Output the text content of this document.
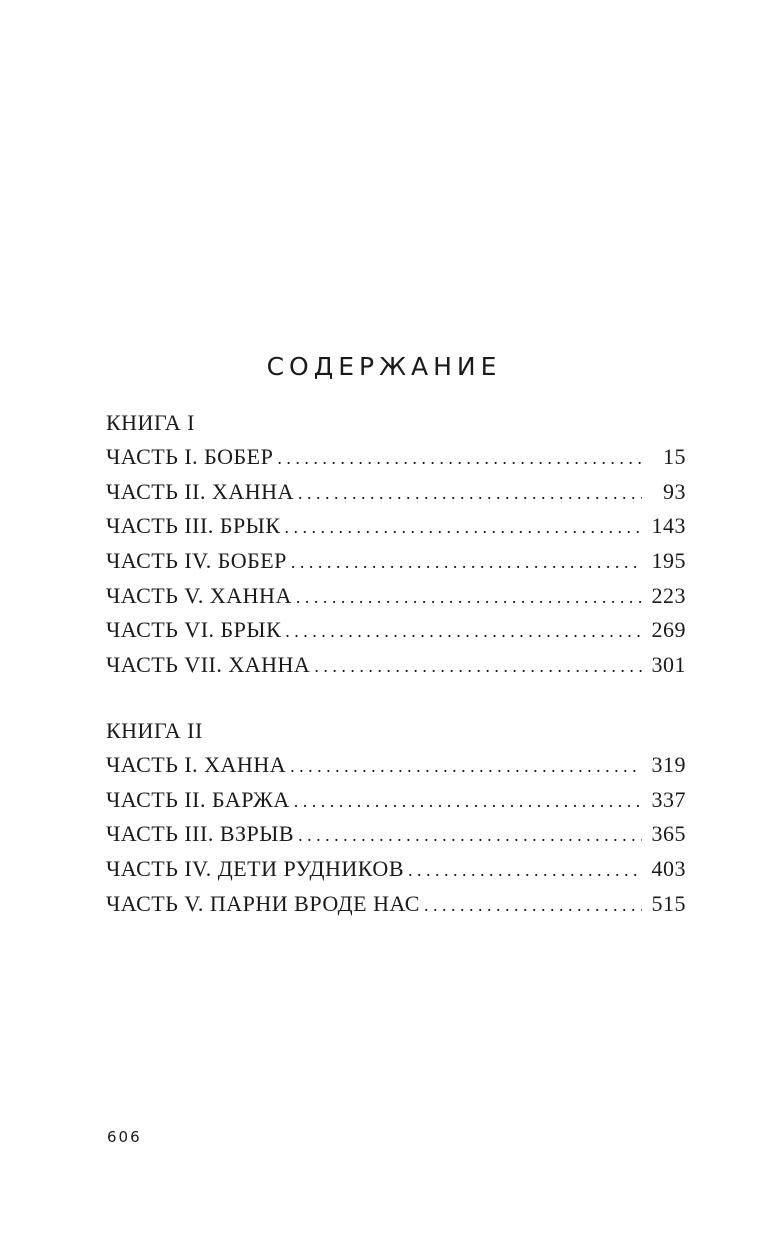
СОДЕРЖАНИЕ
КНИГА I
ЧАСТЬ I. БОБЕР . . .	15
ЧАСТЬ II. ХАННА . . .	93
ЧАСТЬ III. БРЫК . . .	143
ЧАСТЬ IV. БОБЕР . . .	195
ЧАСТЬ V. ХАННА . . .	223
ЧАСТЬ VI. БРЫК . . .	269
ЧАСТЬ VII. ХАННА . . .	301
КНИГА II
ЧАСТЬ I. ХАННА . . .	319
ЧАСТЬ II. БАРЖА . . .	337
ЧАСТЬ III. ВЗРЫВ . . .	365
ЧАСТЬ IV. ДЕТИ РУДНИКОВ . . .	403
ЧАСТЬ V. ПАРНИ ВРОДЕ НАС . . .	515
606
